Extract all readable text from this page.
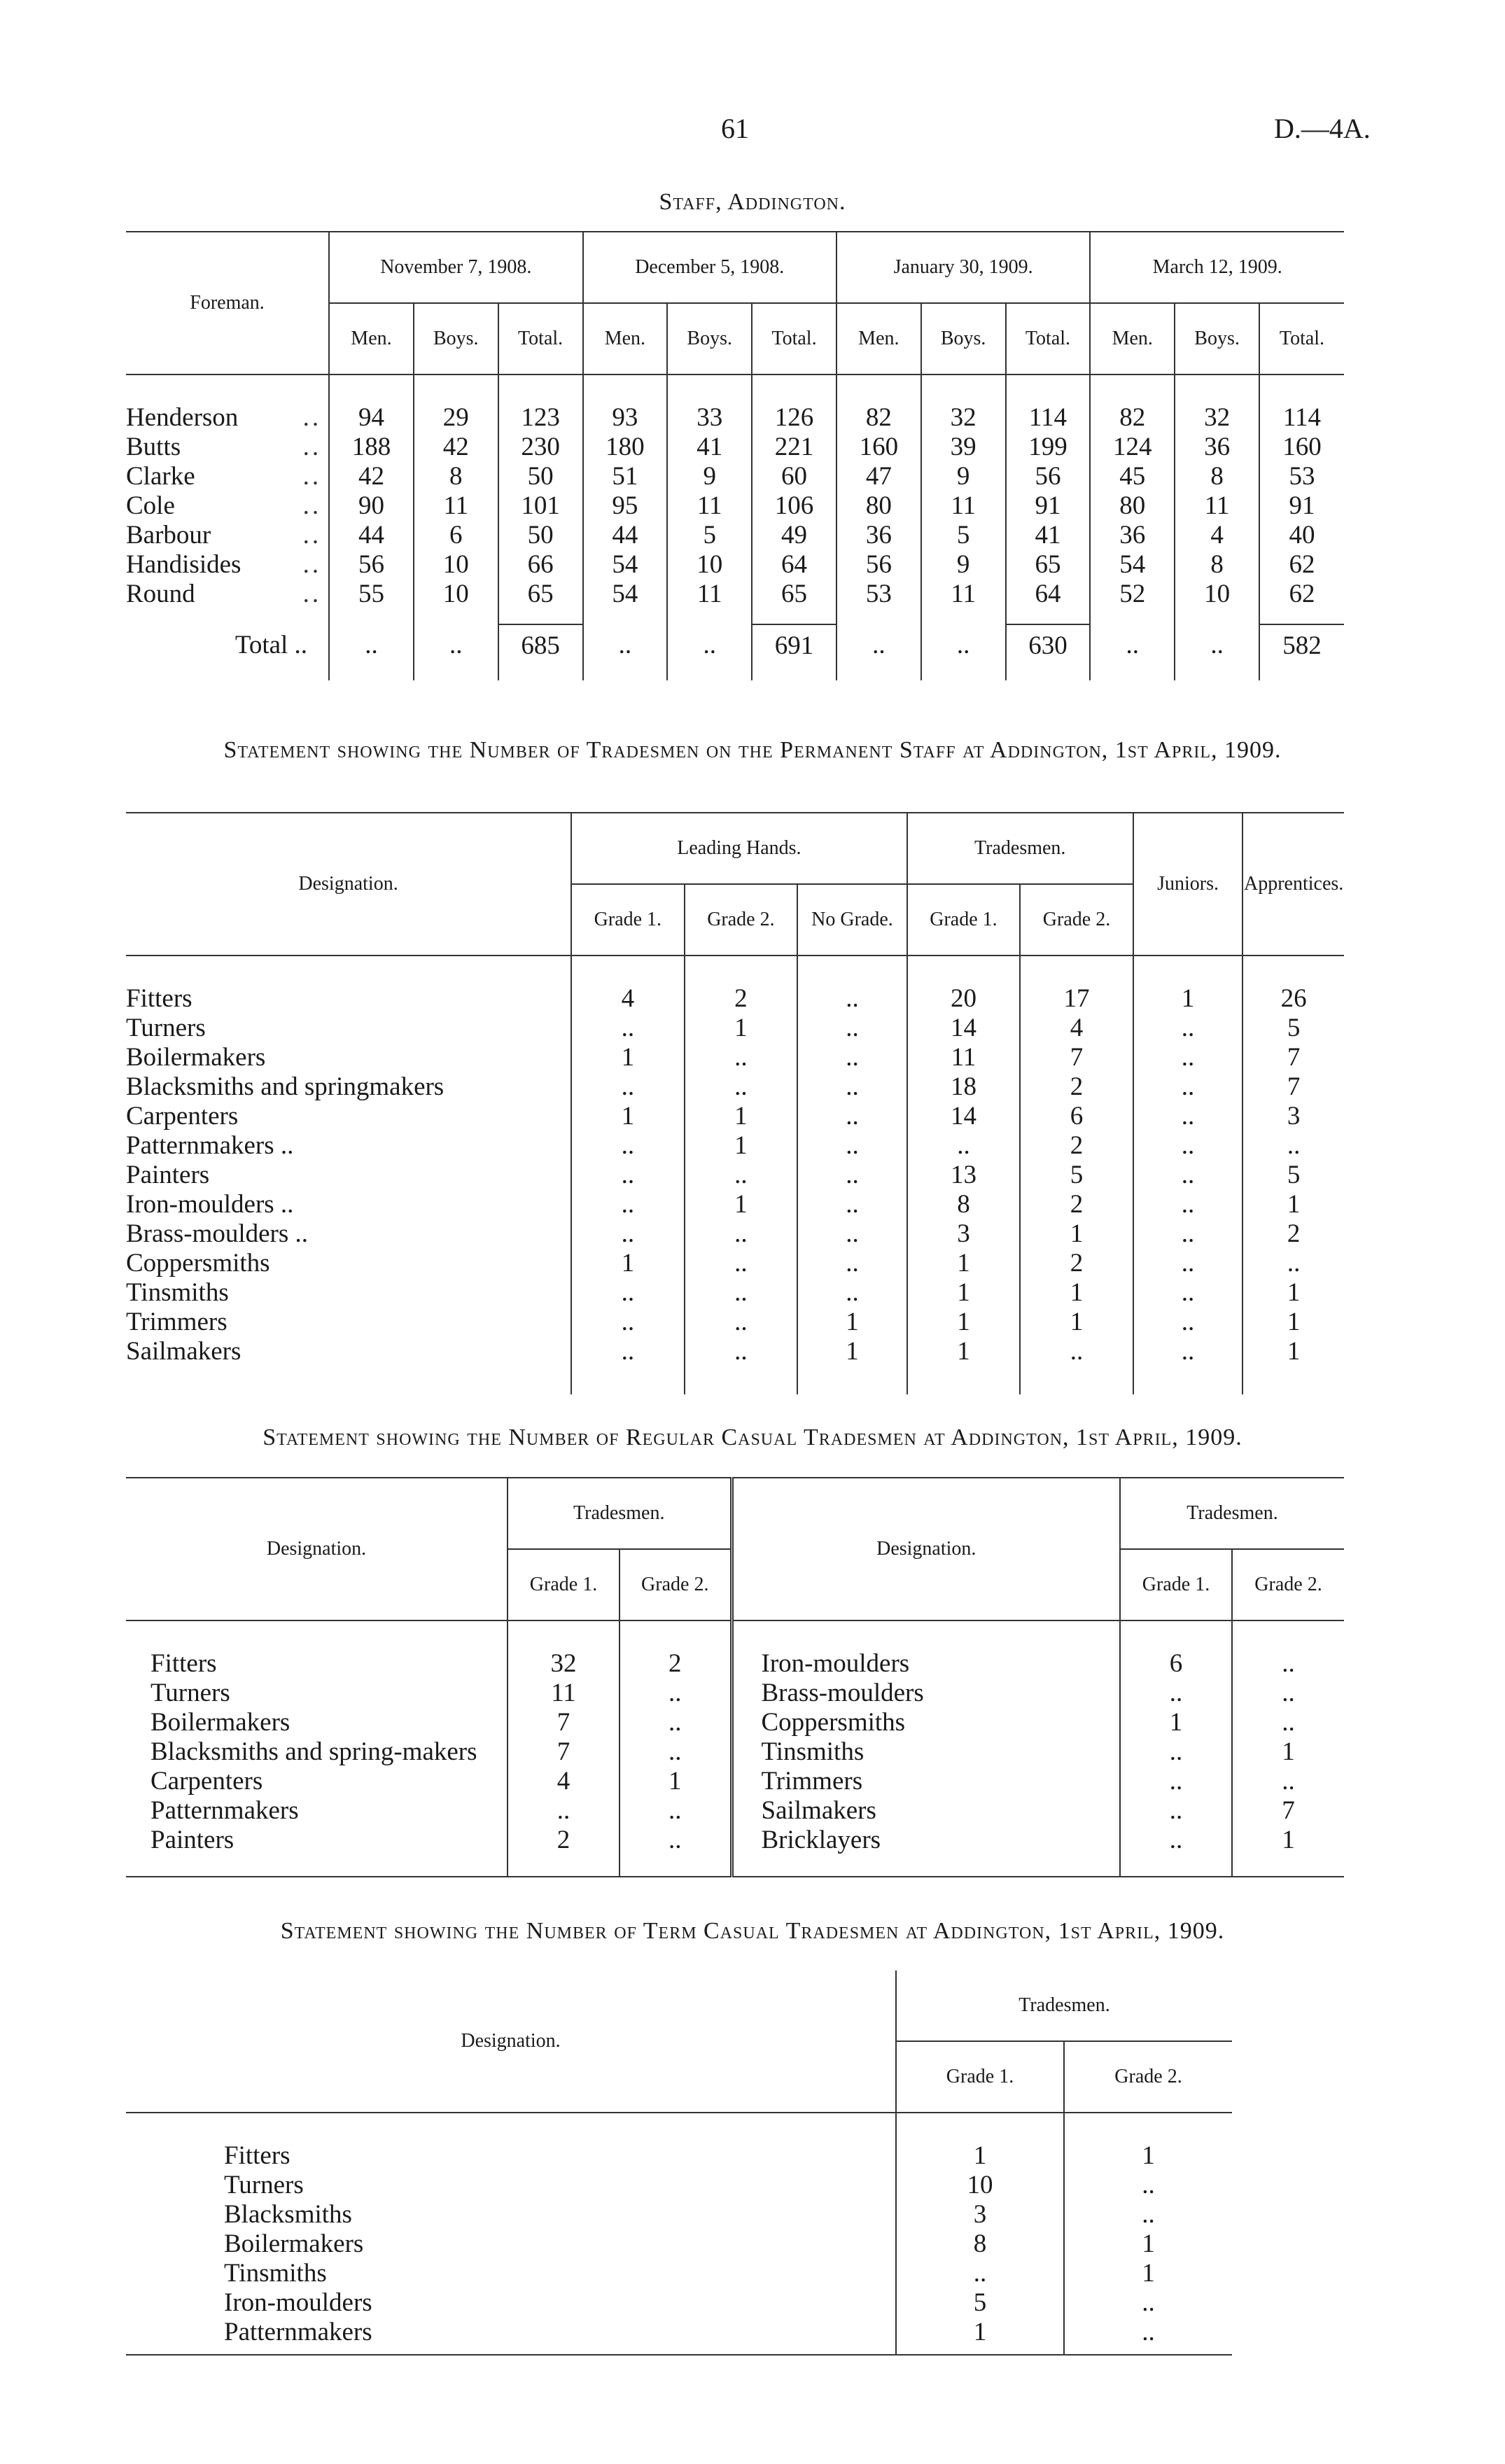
61	D.—4A.
Staff, Addington.
Foreman.	November 7, 1908.			December 5, 1908.			January 30, 1909.			March 12, 1909.		
	Men.	Boys.	Total.	Men.	Boys.	Total.	Men.	Boys.	Total.	Men.	Boys.	Total.

Henderson ..	94	29	123	93	33	126	82	32	114	82	32	114
Butts ..	188	42	230	180	41	221	160	39	199	124	36	160
Clarke ..	42	8	50	51	9	60	47	9	56	45	8	53
Cole ..	90	11	101	95	11	106	80	11	91	80	11	91
Barbour ..	44	6	50	44	5	49	36	5	41	36	4	40
Handisides ..	56	10	66	54	10	64	56	9	65	54	8	62
Round ..	55	10	65	54	11	65	53	11	64	52	10	62

Total ..	..	..	685	..	..	691	..	..	630	..	..	582

Statement showing the Number of Tradesmen on the Permanent Staff at Addington, 1st April, 1909.
Designation.	Leading Hands.			Tradesmen.		Juniors.	Apprentices.
	Grade 1.	Grade 2.	No Grade.	Grade 1.	Grade 2.		

Fitters	4	2	..	20	17	1	26
Turners	..	1	..	14	4	..	5
Boilermakers	1	..	..	11	7	..	7
Blacksmiths and springmakers	..	..	..	18	2	..	7
Carpenters	1	1	..	14	6	..	3
Patternmakers ..	..	1	..	..	2	..	..
Painters	..	..	..	13	5	..	5
Iron-moulders ..	..	1	..	8	2	..	1
Brass-moulders ..	..	..	..	3	1	..	2
Coppersmiths	1	..	..	1	2	..	..
Tinsmiths	..	..	..	1	1	..	1
Trimmers	..	..	1	1	1	..	1
Sailmakers	..	..	1	1	..	..	1

Statement showing the Number of Regular Casual Tradesmen at Addington, 1st April, 1909.
Designation.	Tradesmen.		Designation.	Tradesmen.	
	Grade 1.	Grade 2.		Grade 1.	Grade 2.

Fitters	32	2	Iron-moulders	6	..
Turners	11	..	Brass-moulders	..	..
Boilermakers	7	..	Coppersmiths	1	..
Blacksmiths and spring-makers	7	..	Tinsmiths	..	1
Carpenters	4	1	Trimmers	..	..
Patternmakers	..	..	Sailmakers	..	7
Painters	2	..	Bricklayers	..	1

Statement showing the Number of Term Casual Tradesmen at Addington, 1st April, 1909.
Designation.	Tradesmen.	
	Grade 1.	Grade 2.

Fitters	1	1
Turners	10	..
Blacksmiths	3	..
Boilermakers	8	1
Tinsmiths	..	1
Iron-moulders	5	..
Patternmakers	1	..
